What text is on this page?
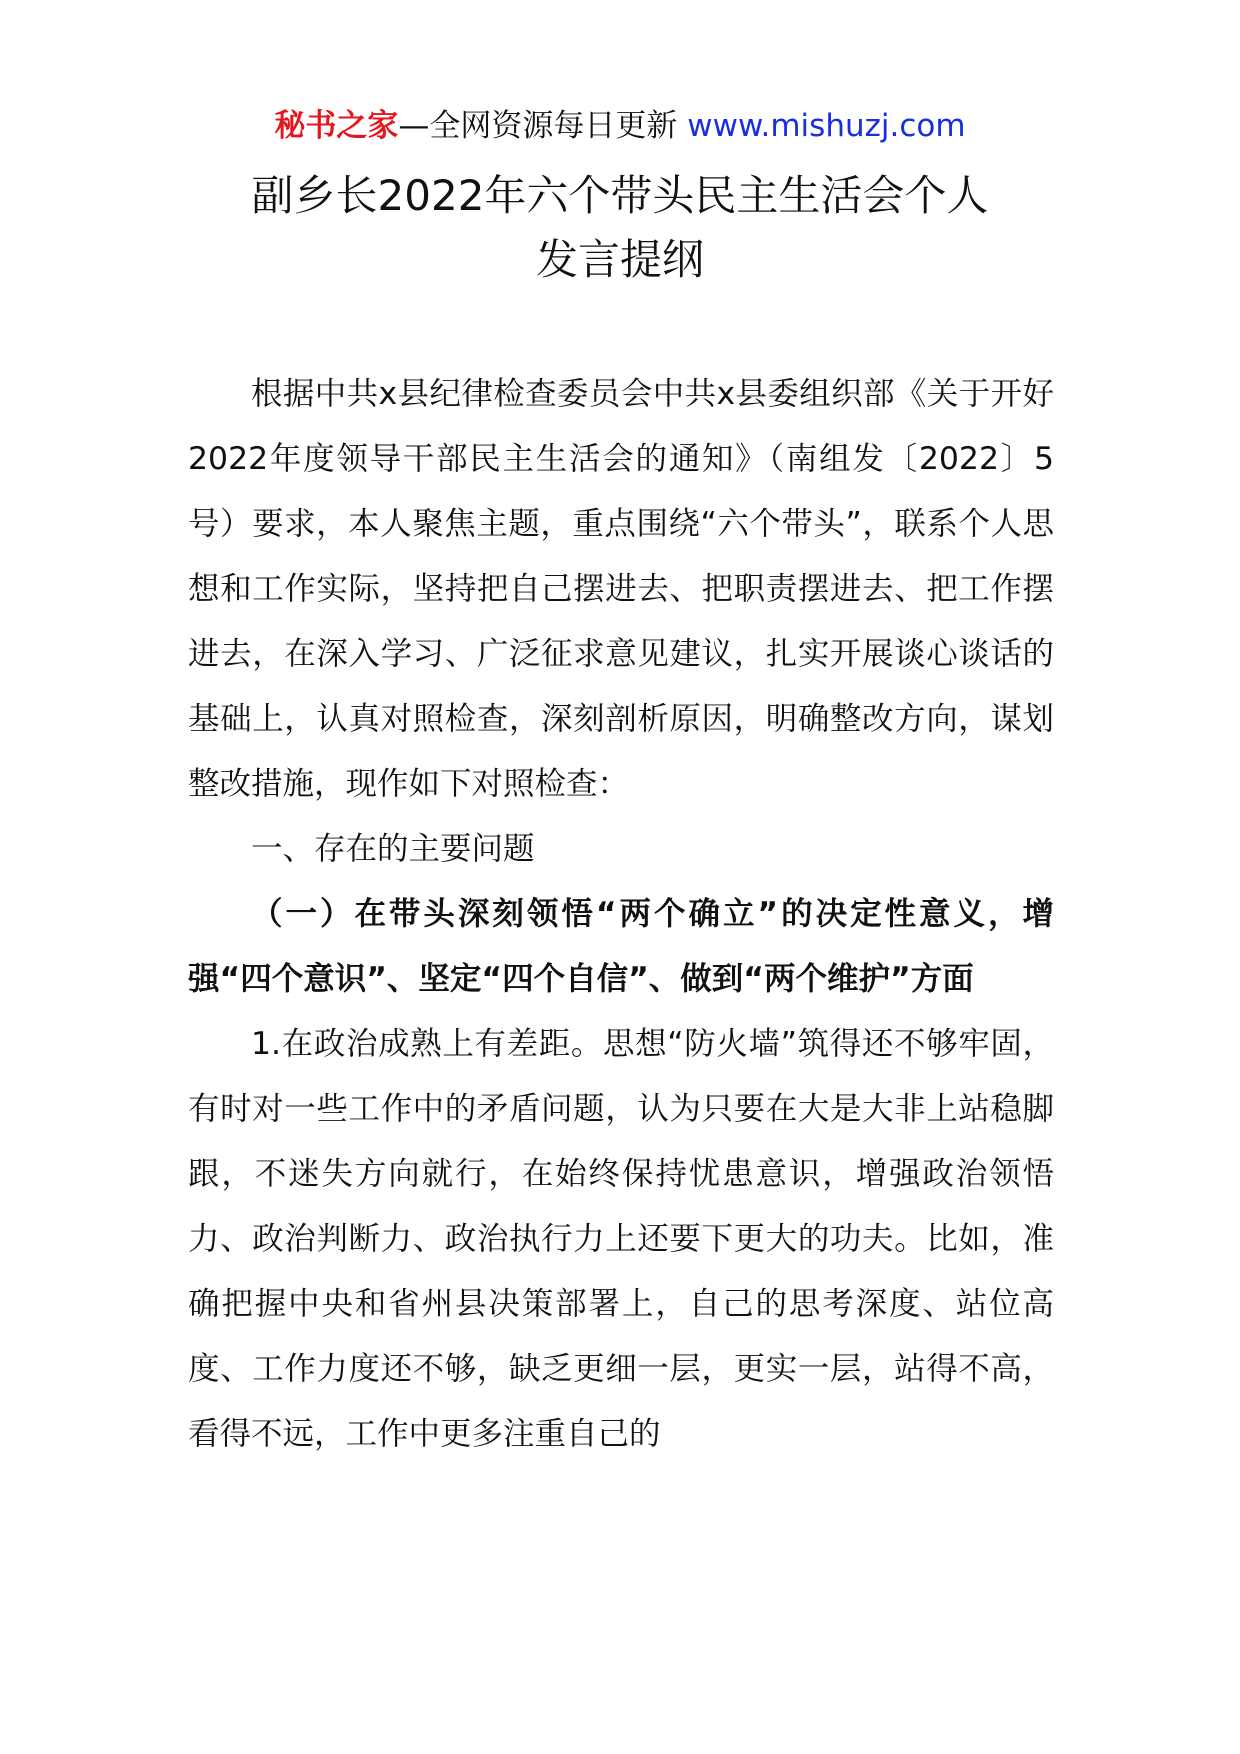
秘书之家—全网资源每日更新 www.mishuzj.com
副乡长2022年六个带头民主生活会个人
发言提纲

根据中共x县纪律检查委员会中共x县委组织部《关于开好2022年度领导干部民主生活会的通知》（南组发〔2022〕5号）要求，本人聚焦主题，重点围绕“六个带头”，联系个人思想和工作实际，坚持把自己摆进去、把职责摆进去、把工作摆进去，在深入学习、广泛征求意见建议，扎实开展谈心谈话的基础上，认真对照检查，深刻剖析原因，明确整改方向，谋划整改措施，现作如下对照检查：

一、存在的主要问题

（一）在带头深刻领悟“两个确立”的决定性意义，增强“四个意识”、坚定“四个自信”、做到“两个维护”方面

1.在政治成熟上有差距。思想“防火墙”筑得还不够牢固，有时对一些工作中的矛盾问题，认为只要在大是大非上站稳脚跟，不迷失方向就行，在始终保持忧患意识，增强政治领悟力、政治判断力、政治执行力上还要下更大的功夫。比如，准确把握中央和省州县决策部署上，自己的思考深度、站位高度、工作力度还不够，缺乏更细一层，更实一层，站得不高，看得不远，工作中更多注重自己的
